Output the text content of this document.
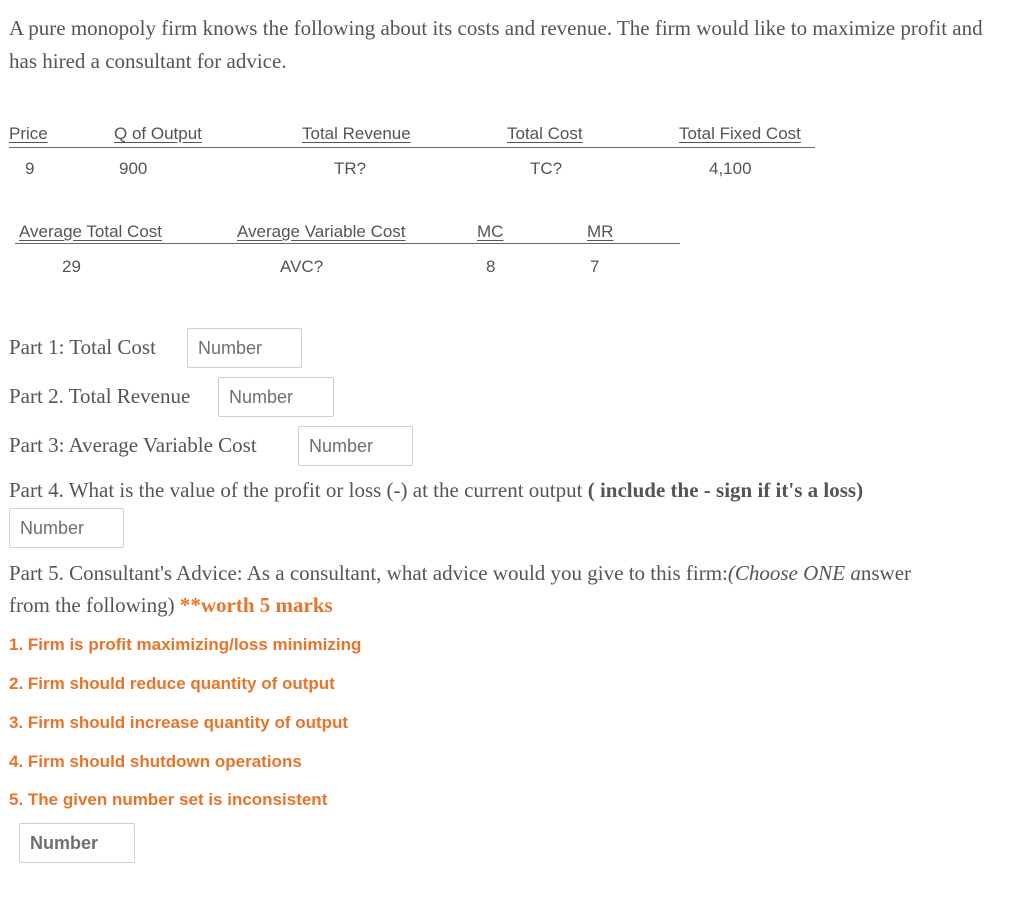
A pure monopoly firm knows the following about its costs and revenue. The firm would like to maximize profit and has hired a consultant for advice.
Price	Q of Output	Total Revenue	Total Cost	Total Fixed Cost
9	900	TR?	TC?	4,100
Average Total Cost	Average Variable Cost	MC	MR
29	AVC?	8	7
Part 1: Total Cost
Number
Part 2. Total Revenue
Number
Part 3: Average Variable Cost
Number
Part 4. What is the value of the profit or loss (-) at the current output ( include the - sign if it's a loss)
Number
Part 5. Consultant's Advice: As a consultant, what advice would you give to this firm:(Choose ONE answer
from the following) **worth 5 marks
1. Firm is profit maximizing/loss minimizing
2. Firm should reduce quantity of output
3. Firm should increase quantity of output
4. Firm should shutdown operations
5. The given number set is inconsistent
Number
